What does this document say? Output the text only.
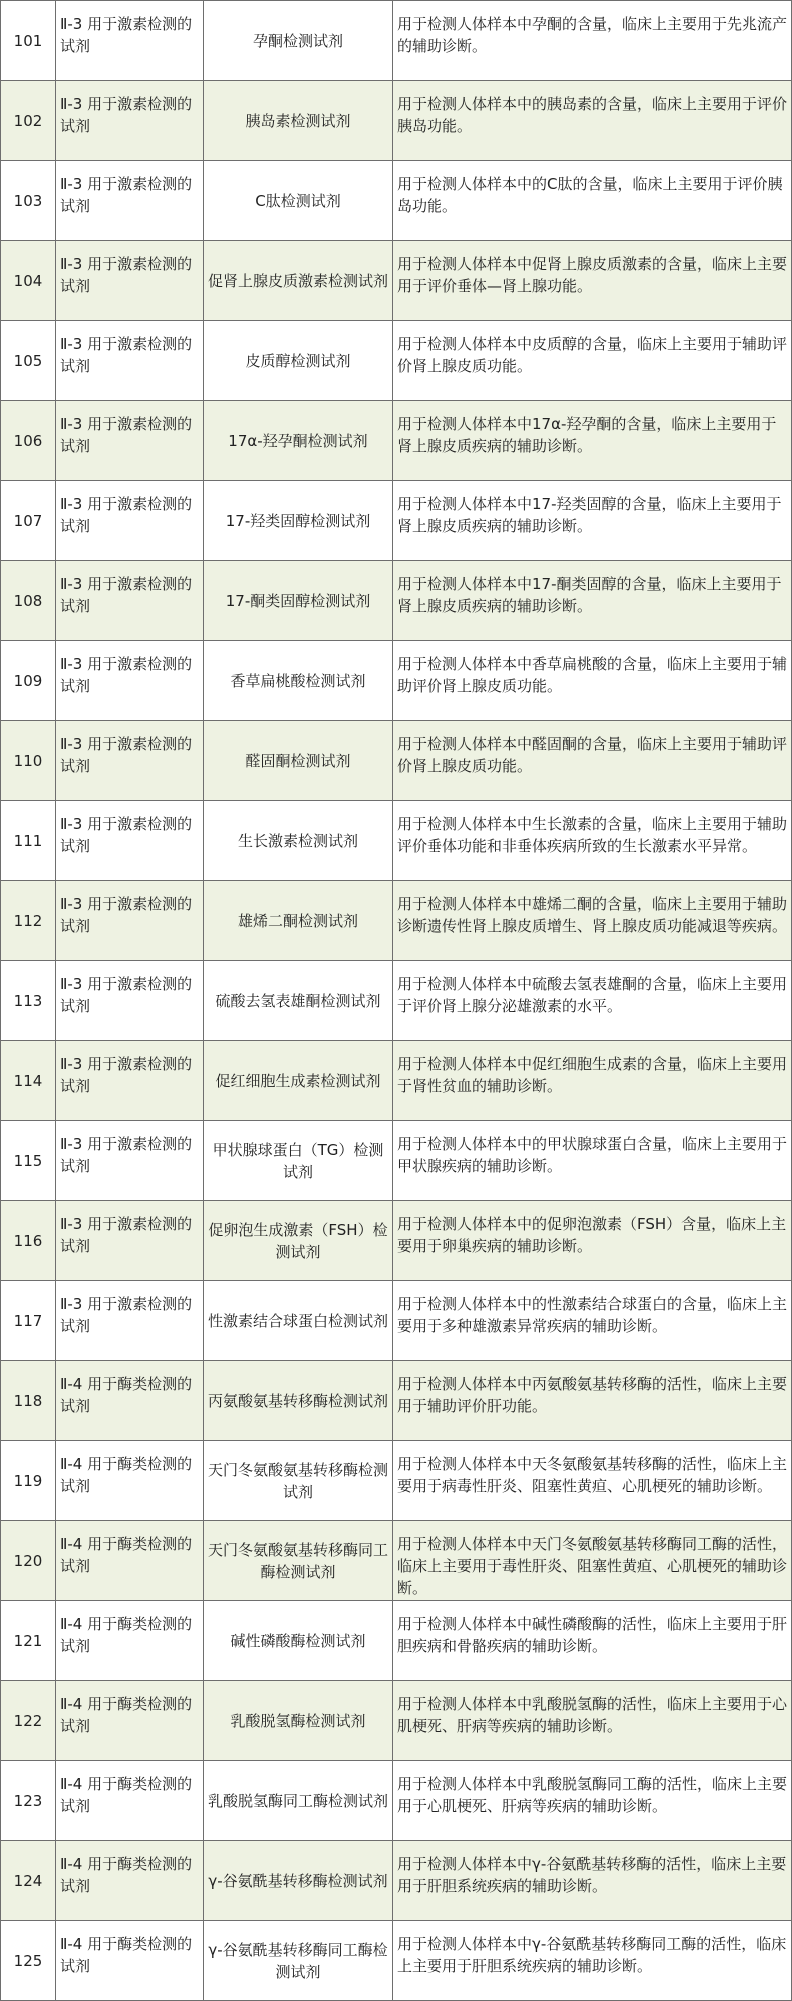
101	Ⅱ-3 用于激素检测的试剂	孕酮检测试剂	用于检测人体样本中孕酮的含量，临床上主要用于先兆流产的辅助诊断。
102	Ⅱ-3 用于激素检测的试剂	胰岛素检测试剂	用于检测人体样本中的胰岛素的含量，临床上主要用于评价胰岛功能。
103	Ⅱ-3 用于激素检测的试剂	C肽检测试剂	用于检测人体样本中的C肽的含量，临床上主要用于评价胰岛功能。
104	Ⅱ-3 用于激素检测的试剂	促肾上腺皮质激素检测试剂	用于检测人体样本中促肾上腺皮质激素的含量，临床上主要用于评价垂体—肾上腺功能。
105	Ⅱ-3 用于激素检测的试剂	皮质醇检测试剂	用于检测人体样本中皮质醇的含量，临床上主要用于辅助评价肾上腺皮质功能。
106	Ⅱ-3 用于激素检测的试剂	17α-羟孕酮检测试剂	用于检测人体样本中17α-羟孕酮的含量，临床上主要用于肾上腺皮质疾病的辅助诊断。
107	Ⅱ-3 用于激素检测的试剂	17-羟类固醇检测试剂	用于检测人体样本中17-羟类固醇的含量，临床上主要用于肾上腺皮质疾病的辅助诊断。
108	Ⅱ-3 用于激素检测的试剂	17-酮类固醇检测试剂	用于检测人体样本中17-酮类固醇的含量，临床上主要用于肾上腺皮质疾病的辅助诊断。
109	Ⅱ-3 用于激素检测的试剂	香草扁桃酸检测试剂	用于检测人体样本中香草扁桃酸的含量，临床上主要用于辅助评价肾上腺皮质功能。
110	Ⅱ-3 用于激素检测的试剂	醛固酮检测试剂	用于检测人体样本中醛固酮的含量，临床上主要用于辅助评价肾上腺皮质功能。
111	Ⅱ-3 用于激素检测的试剂	生长激素检测试剂	用于检测人体样本中生长激素的含量，临床上主要用于辅助评价垂体功能和非垂体疾病所致的生长激素水平异常。
112	Ⅱ-3 用于激素检测的试剂	雄烯二酮检测试剂	用于检测人体样本中雄烯二酮的含量，临床上主要用于辅助诊断遗传性肾上腺皮质增生、肾上腺皮质功能减退等疾病。
113	Ⅱ-3 用于激素检测的试剂	硫酸去氢表雄酮检测试剂	用于检测人体样本中硫酸去氢表雄酮的含量，临床上主要用于评价肾上腺分泌雄激素的水平。
114	Ⅱ-3 用于激素检测的试剂	促红细胞生成素检测试剂	用于检测人体样本中促红细胞生成素的含量，临床上主要用于肾性贫血的辅助诊断。
115	Ⅱ-3 用于激素检测的试剂	甲状腺球蛋白（TG）检测试剂	用于检测人体样本中的甲状腺球蛋白含量，临床上主要用于甲状腺疾病的辅助诊断。
116	Ⅱ-3 用于激素检测的试剂	促卵泡生成激素（FSH）检测试剂	用于检测人体样本中的促卵泡激素（FSH）含量，临床上主要用于卵巢疾病的辅助诊断。
117	Ⅱ-3 用于激素检测的试剂	性激素结合球蛋白检测试剂	用于检测人体样本中的性激素结合球蛋白的含量，临床上主要用于多种雄激素异常疾病的辅助诊断。
118	Ⅱ-4 用于酶类检测的试剂	丙氨酸氨基转移酶检测试剂	用于检测人体样本中丙氨酸氨基转移酶的活性，临床上主要用于辅助评价肝功能。
119	Ⅱ-4 用于酶类检测的试剂	天门冬氨酸氨基转移酶检测试剂	用于检测人体样本中天冬氨酸氨基转移酶的活性，临床上主要用于病毒性肝炎、阻塞性黄疸、心肌梗死的辅助诊断。
120	Ⅱ-4 用于酶类检测的试剂	天门冬氨酸氨基转移酶同工酶检测试剂	用于检测人体样本中天门冬氨酸氨基转移酶同工酶的活性，临床上主要用于毒性肝炎、阻塞性黄疸、心肌梗死的辅助诊断。
121	Ⅱ-4 用于酶类检测的试剂	碱性磷酸酶检测试剂	用于检测人体样本中碱性磷酸酶的活性，临床上主要用于肝胆疾病和骨骼疾病的辅助诊断。
122	Ⅱ-4 用于酶类检测的试剂	乳酸脱氢酶检测试剂	用于检测人体样本中乳酸脱氢酶的活性，临床上主要用于心肌梗死、肝病等疾病的辅助诊断。
123	Ⅱ-4 用于酶类检测的试剂	乳酸脱氢酶同工酶检测试剂	用于检测人体样本中乳酸脱氢酶同工酶的活性，临床上主要用于心肌梗死、肝病等疾病的辅助诊断。
124	Ⅱ-4 用于酶类检测的试剂	γ-谷氨酰基转移酶检测试剂	用于检测人体样本中γ-谷氨酰基转移酶的活性，临床上主要用于肝胆系统疾病的辅助诊断。
125	Ⅱ-4 用于酶类检测的试剂	γ-谷氨酰基转移酶同工酶检测试剂	用于检测人体样本中γ-谷氨酰基转移酶同工酶的活性，临床上主要用于肝胆系统疾病的辅助诊断。
